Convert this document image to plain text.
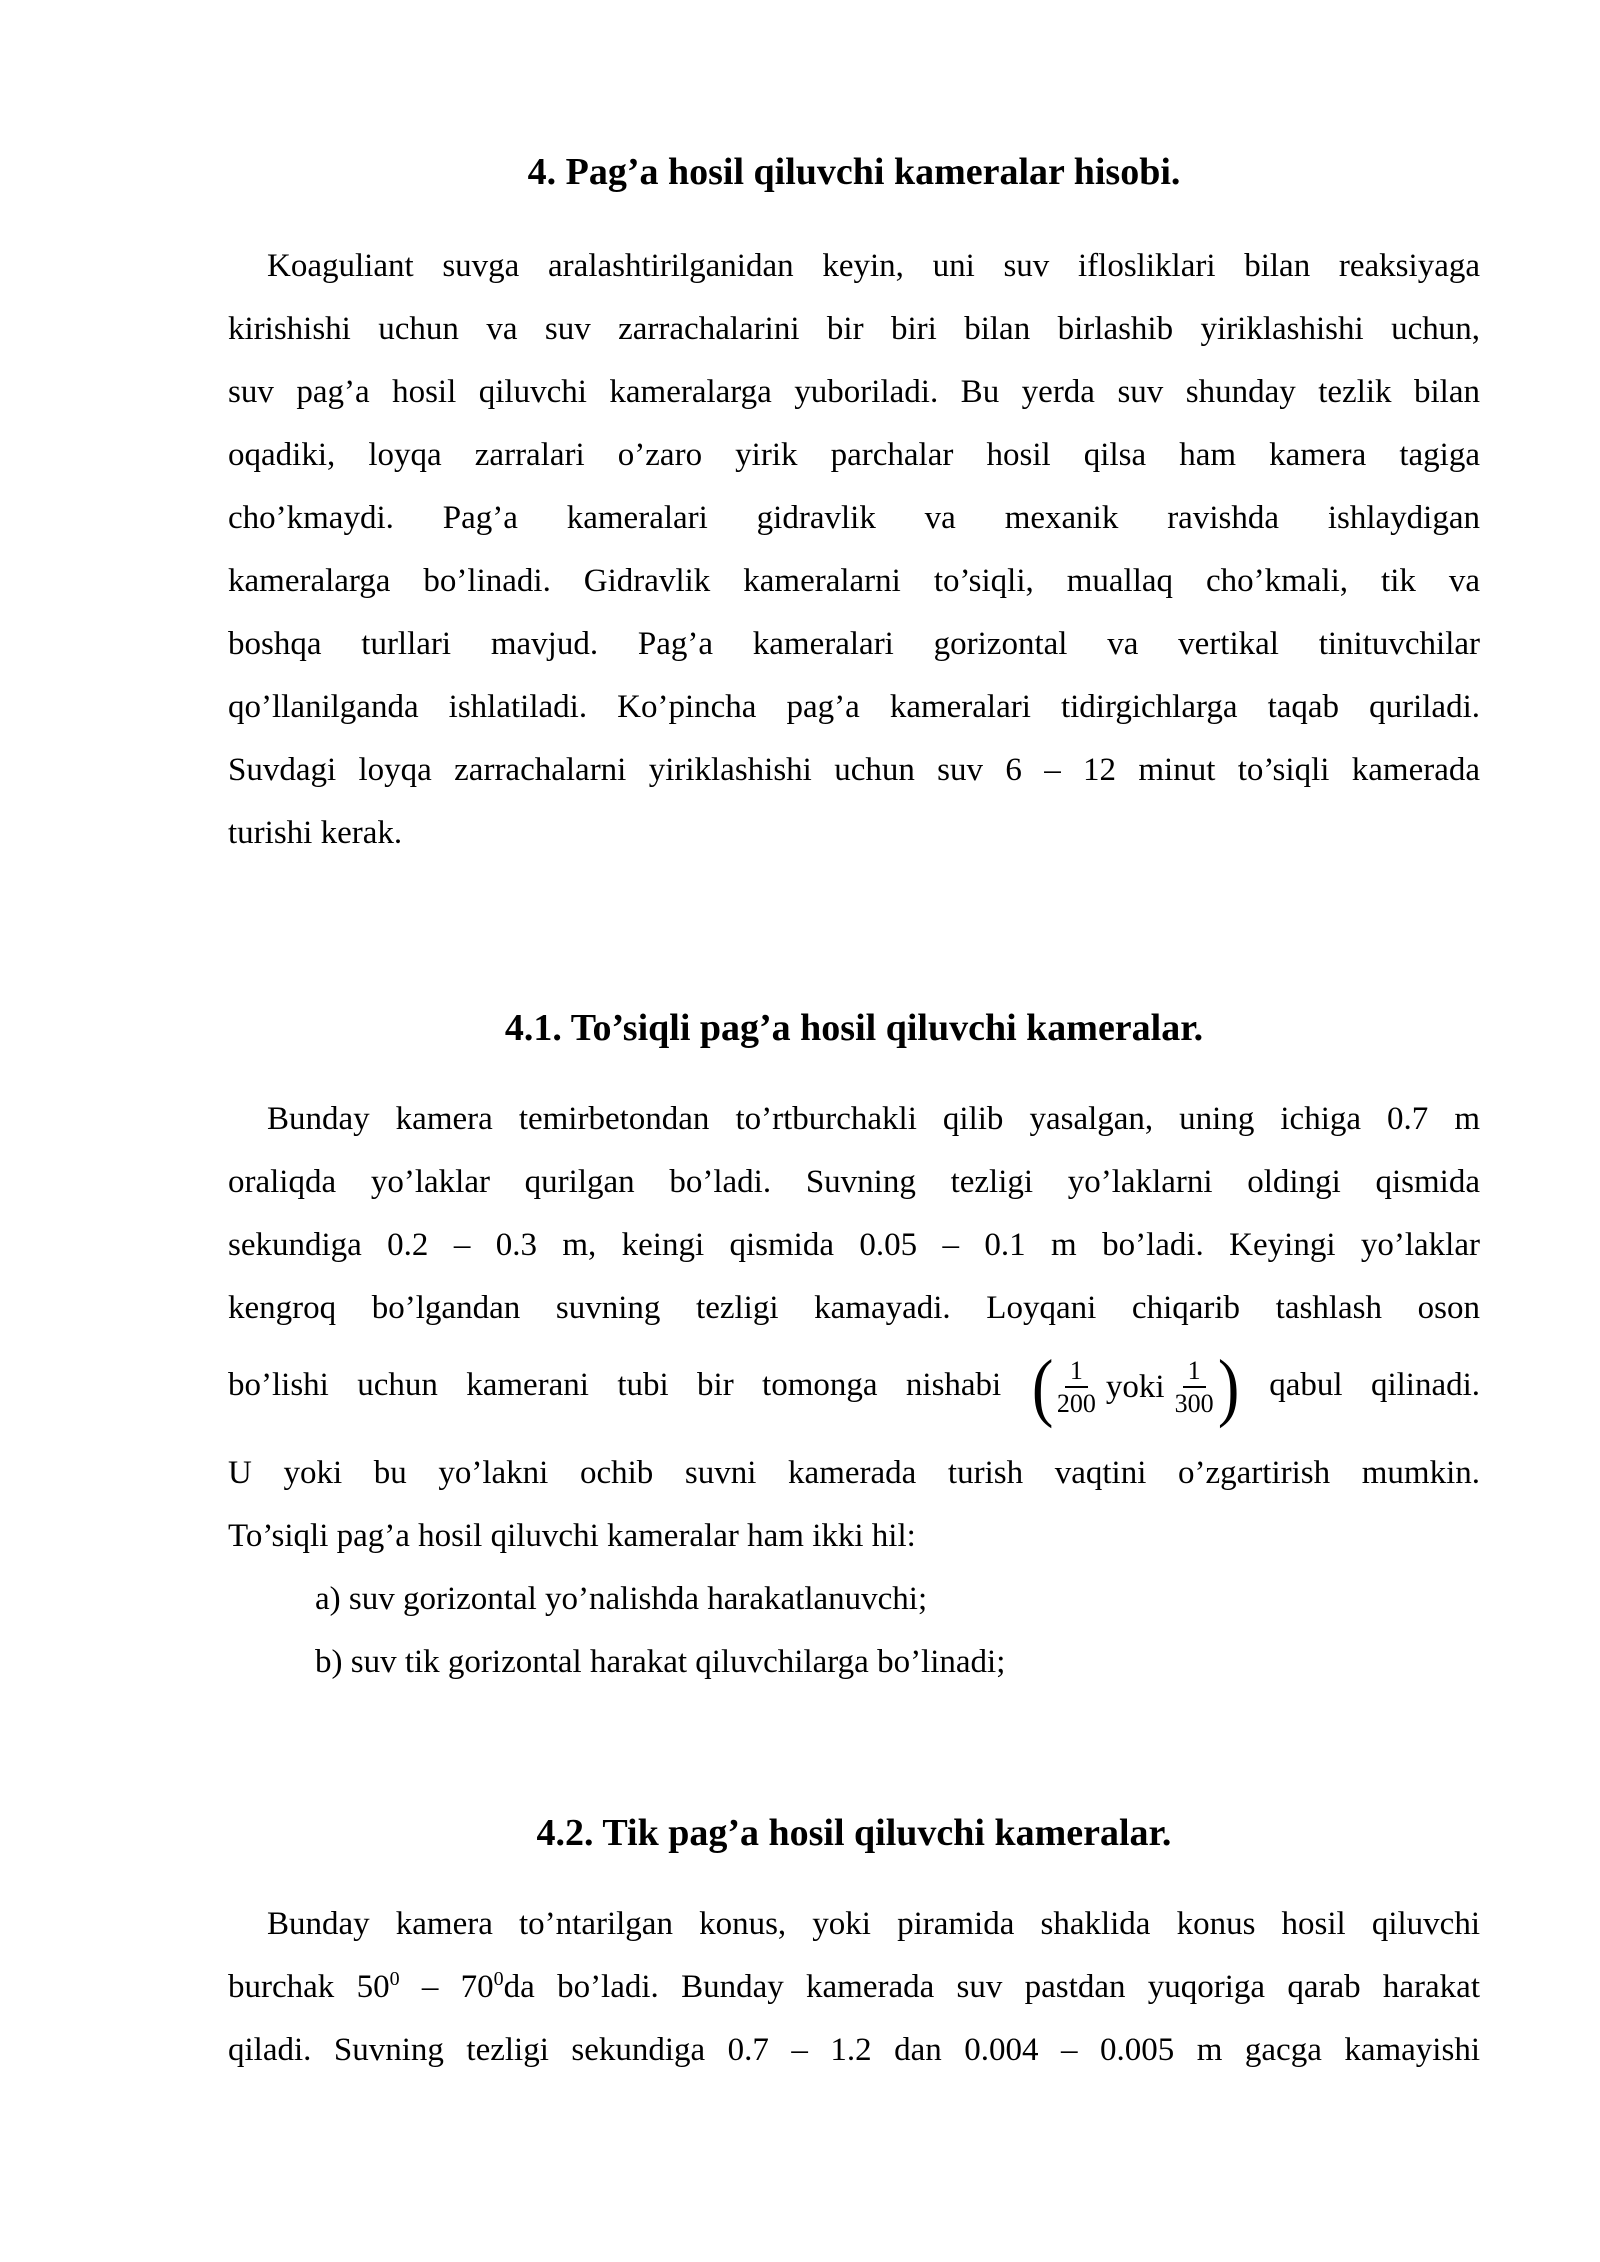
4. Pag’a hosil qiluvchi kameralar hisobi.
Koaguliant suvga aralashtirilganidan keyin, uni suv iflosliklari bilan reaksiyaga
kirishishi uchun va suv zarrachalarini bir biri bilan birlashib yiriklashishi uchun,
suv pag’a hosil qiluvchi kameralarga yuboriladi. Bu yerda suv shunday tezlik bilan
oqadiki, loyqa zarralari o’zaro yirik parchalar hosil qilsa ham kamera tagiga
cho’kmaydi. Pag’a kameralari gidravlik va mexanik ravishda ishlaydigan
kameralarga bo’linadi. Gidravlik kameralarni to’siqli, muallaq cho’kmali, tik va
boshqa turllari mavjud. Pag’a kameralari gorizontal va vertikal tinituvchilar
qo’llanilganda ishlatiladi. Ko’pincha pag’a kameralari tidirgichlarga taqab quriladi.
Suvdagi loyqa zarrachalarni yiriklashishi uchun suv 6 – 12 minut to’siqli kamerada
turishi kerak.
4.1. To’siqli pag’a hosil qiluvchi kameralar.
Bunday kamera temirbetondan to’rtburchakli qilib yasalgan, uning ichiga 0.7 m
oraliqda yo’laklar qurilgan bo’ladi. Suvning tezligi yo’laklarni oldingi qismida
sekundiga 0.2 – 0.3 m, keingi qismida 0.05 – 0.1 m bo’ladi. Keyingi yo’laklar
kengroq bo’lgandan suvning tezligi kamayadi. Loyqani chiqarib tashlash oson
bo’lishi uchun kamerani tubi bir tomonga nishabi ( $\frac{1}{200}$ yoki $\frac{1}{300}$ ) qabul qilinadi.
U yoki bu yo’lakni ochib suvni kamerada turish vaqtini o’zgartirish mumkin.
To’siqli pag’a hosil qiluvchi kameralar ham ikki hil:
a) suv gorizontal yo’nalishda harakatlanuvchi;
b) suv tik gorizontal harakat qiluvchilarga bo’linadi;
4.2. Tik pag’a hosil qiluvchi kameralar.
Bunday kamera to’ntarilgan konus, yoki piramida shaklida konus hosil qiluvchi
burchak $50^0 - 70^0da$ bo’ladi. Bunday kamerada suv pastdan yuqoriga qarab harakat
qiladi. Suvning tezligi sekundiga 0.7 – 1.2 dan 0.004 – 0.005 m gacga kamayishi
